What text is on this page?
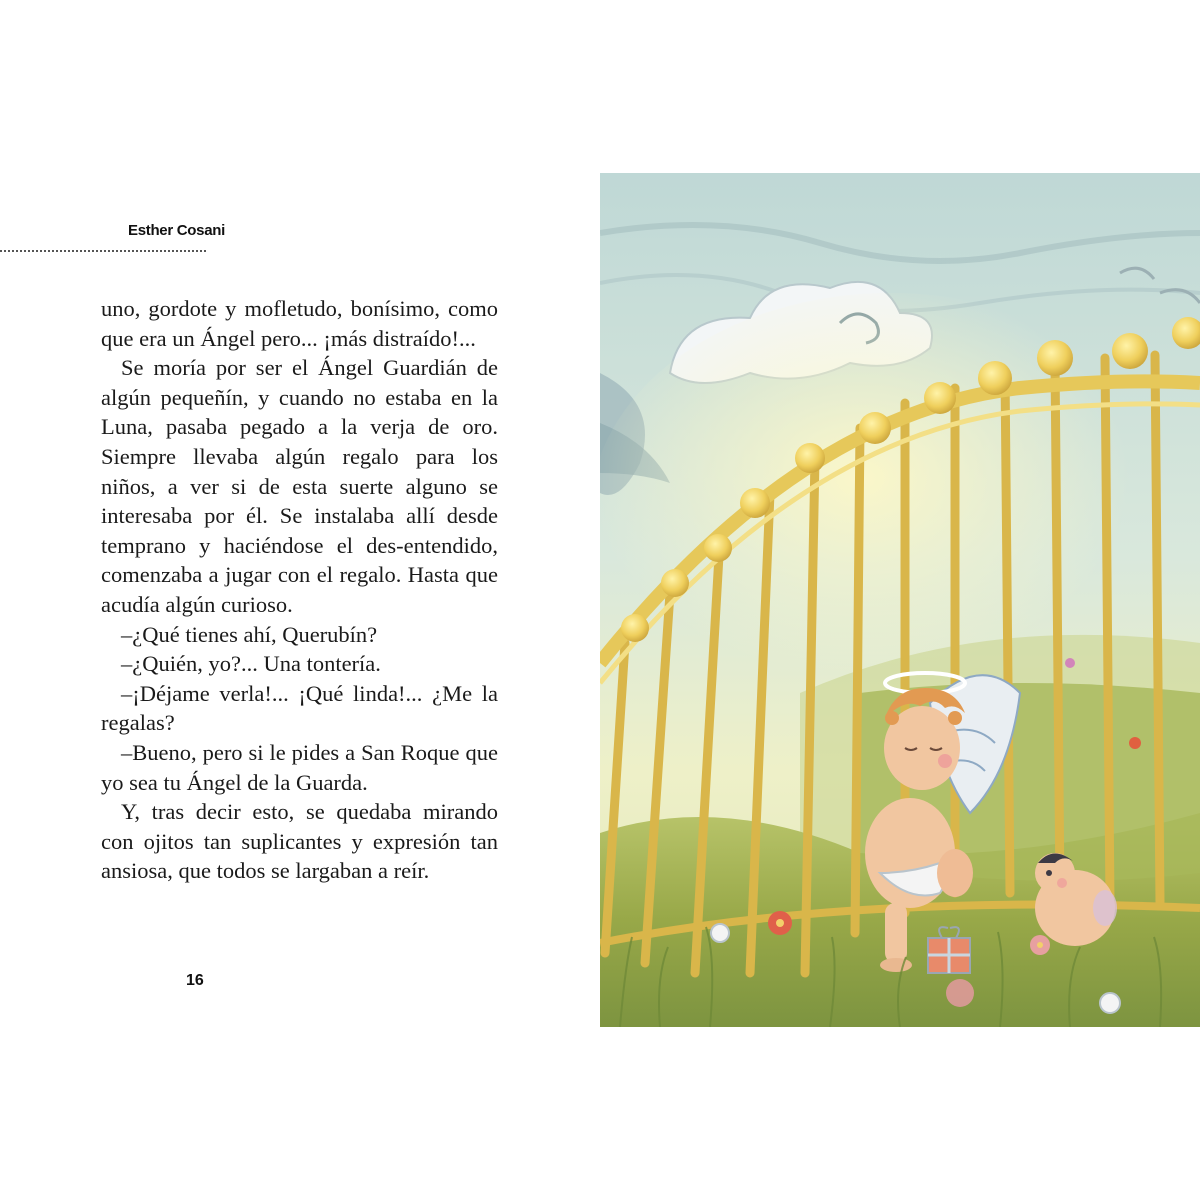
Esther Cosani

uno, gordote y mofletudo, bonísimo, como que era un Ángel pero... ¡más distraído!...

Se moría por ser el Ángel Guardián de algún pequeñín, y cuando no estaba en la Luna, pasaba pegado a la verja de oro. Siempre llevaba algún regalo para los niños, a ver si de esta suerte alguno se interesaba por él. Se instalaba allí desde temprano y haciéndose el des-entendido, comenzaba a jugar con el regalo. Hasta que acudía algún curioso.

–¿Qué tienes ahí, Querubín?

–¿Quién, yo?... Una tontería.

–¡Déjame verla!... ¡Qué linda!... ¿Me la regalas?

–Bueno, pero si le pides a San Roque que yo sea tu Ángel de la Guarda.

Y, tras decir esto, se quedaba mirando con ojitos tan suplicantes y expresión tan ansiosa, que todos se largaban a reír.

16
